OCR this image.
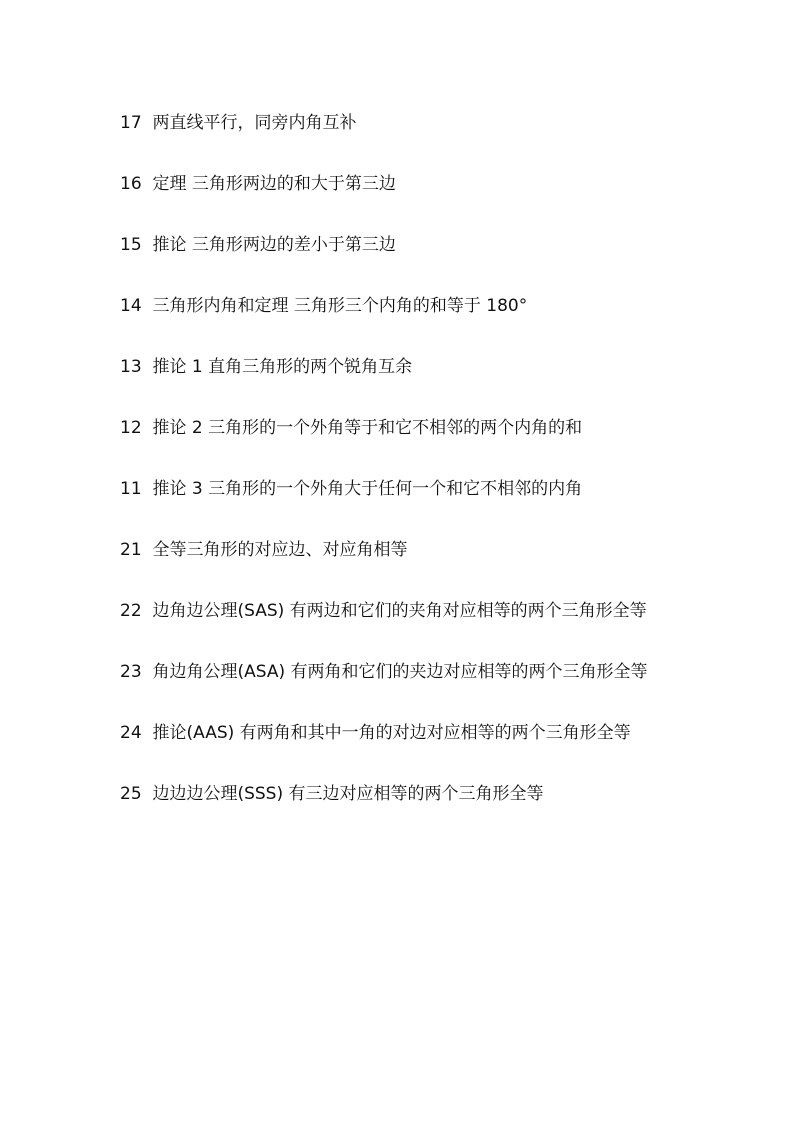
17 两直线平行，同旁内角互补

16 定理 三角形两边的和大于第三边

15 推论 三角形两边的差小于第三边

14 三角形内角和定理 三角形三个内角的和等于 180°

13 推论 1 直角三角形的两个锐角互余

12 推论 2 三角形的一个外角等于和它不相邻的两个内角的和

11 推论 3 三角形的一个外角大于任何一个和它不相邻的内角

21 全等三角形的对应边、对应角相等

22 边角边公理(SAS) 有两边和它们的夹角对应相等的两个三角形全等

23 角边角公理(ASA) 有两角和它们的夹边对应相等的两个三角形全等

24 推论(AAS) 有两角和其中一角的对边对应相等的两个三角形全等

25 边边边公理(SSS) 有三边对应相等的两个三角形全等
